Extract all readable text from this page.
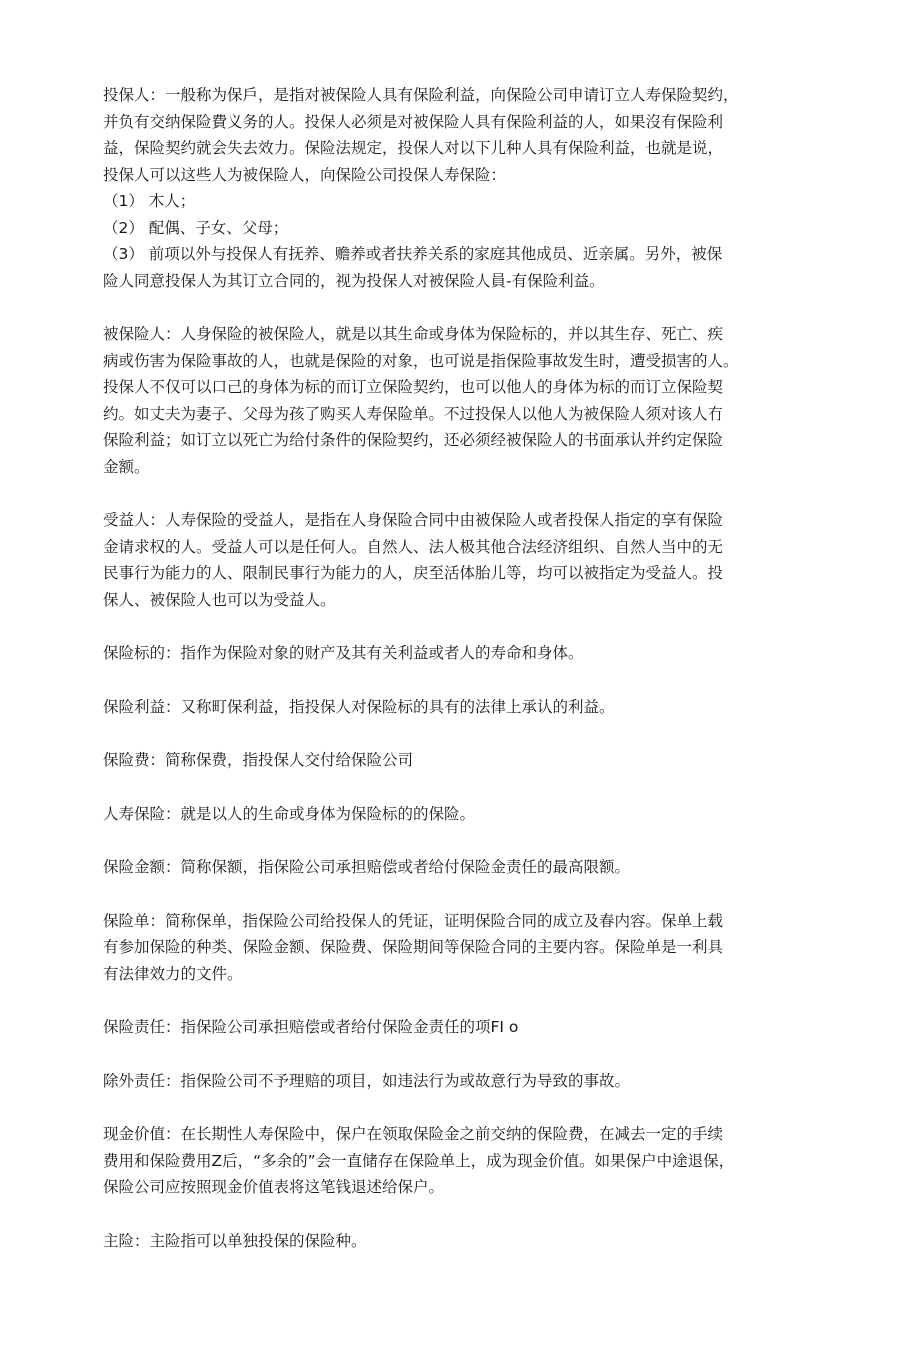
投保人：一般称为保戶，是指对被保险人具有保险利益，向保险公司申请订立人寿保险契约，
并负有交纳保险費义务的人。投保人必须是对被保险人具有保险利益的人，如果沒有保险利
益，保险契约就会失去效力。保险法规定，投保人对以下儿种人具有保险利益，也就是说，
投保人可以这些人为被保险人，向保险公司投保人寿保险：
（1） 木人；
（2） 配偶、子女、父母；
（3） 前项以外与投保人有抚养、赡养或者扶养关系的家庭其他成员、近亲属。另外，被保
险人同意投保人为其订立合同的，视为投保人对被保险人員-有保险利益。

被保险人：人身保险的被保险人，就是以其生命或身体为保险标的，并以其生存、死亡、疾
病或伤害为保险事故的人，也就是保险的对象，也可说是指保险事故发生时，遭受损害的人。
投保人不仅可以口己的身体为标的而订立保险契约，也可以他人的身体为标的而订立保险契
约。如丈夫为妻子、父母为孩了购买人寿保险单。不过投保人以他人为被保险人须对该人冇
保险利益；如订立以死亡为给付条件的保险契约，还必须经被保险人的书面承认并约定保险
金额。

受益人：人寿保险的受益人，是指在人身保险合同中由被保险人或者投保人指定的享有保险
金请求权的人。受益人可以是任何人。自然人、法人极其他合法经济组织、自然人当中的无
民事行为能力的人、限制民事行为能力的人，戻至活体胎儿等，均可以被指定为受益人。投
保人、被保险人也可以为受益人。

保险标的：指作为保险对象的财产及其有关利益或者人的寿命和身体。

保险利益：又称町保利益，指投保人对保险标的具有的法律上承认的利益。

保险费：简称保费，指投保人交付给保险公司

人寿保险：就是以人的生命或身体为保险标的的保险。

保险金额：简称保额，指保险公司承担赔偿或者给付保险金责任的最高限额。

保险单：简称保单，指保险公司给投保人的凭证，证明保险合同的成立及春内容。保单上载
有参加保险的种类、保险金额、保险费、保险期间等保险合同的主要内容。保险单是一利具
有法律效力的文件。

保险责任：指保险公司承担赔偿或者给付保险金责任的项FI o

除外责任：指保险公司不予理赔的项目，如违法行为或故意行为导致的事故。

现金价值：在长期性人寿保险中，保户在领取保险金之前交纳的保险费，在减去一定的手续
费用和保险费用Z后，“多余的”会一直储存在保险单上，成为现金价值。如果保户中途退保，
保险公司应按照现金价值表将这笔钱退述给保户。

主险：主险指可以单独投保的保险种。
